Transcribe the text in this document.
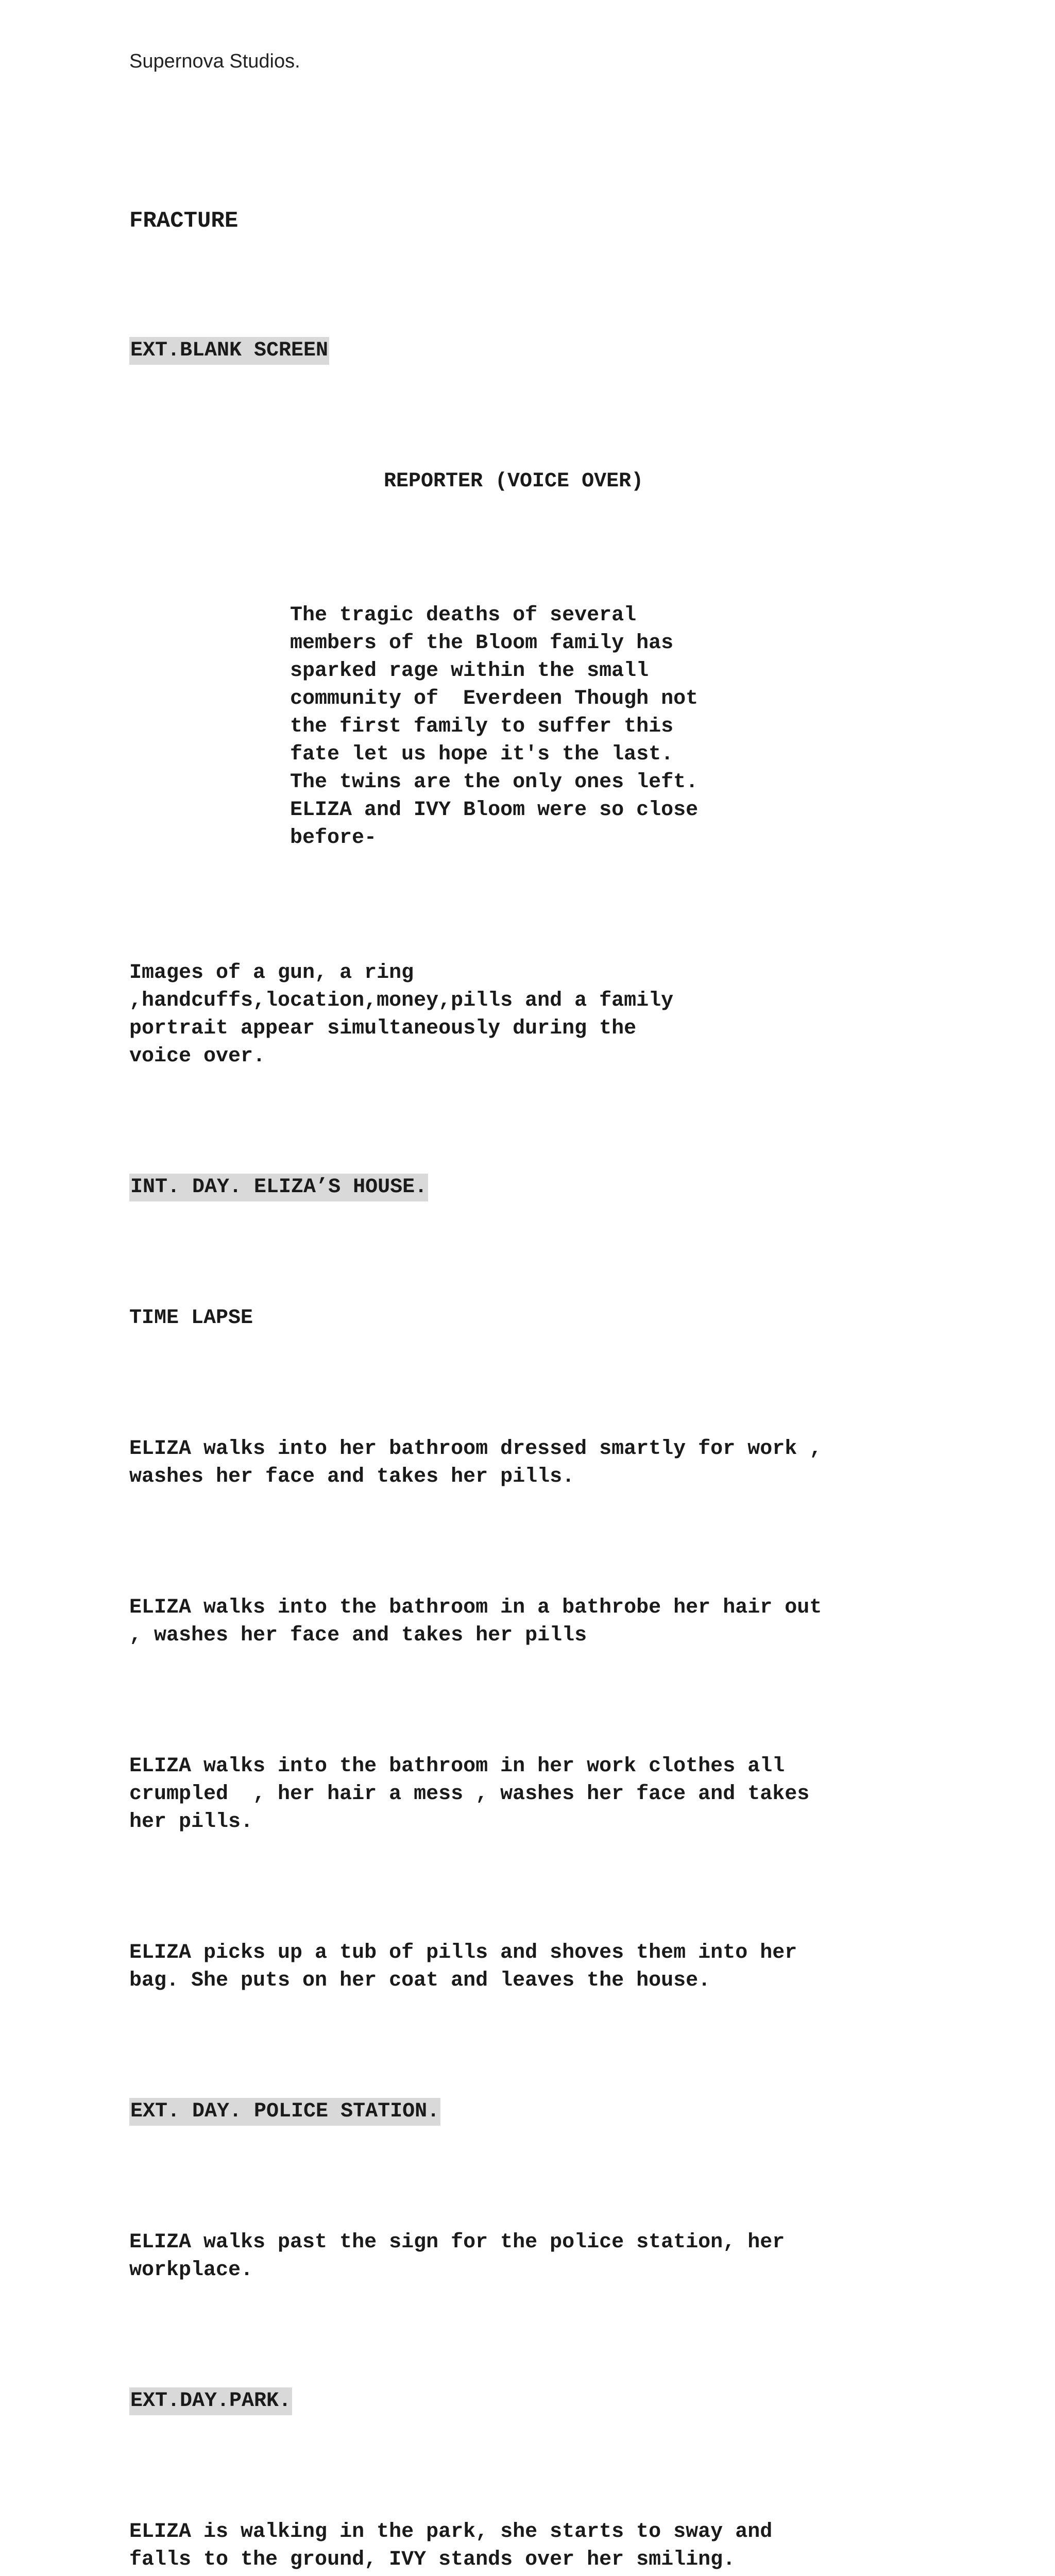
Supernova Studios.

FRACTURE

EXT.BLANK SCREEN

REPORTER (VOICE OVER)

The tragic deaths of several
members of the Bloom family has
sparked rage within the small
community of  Everdeen Though not
the first family to suffer this
fate let us hope it's the last.
The twins are the only ones left.
ELIZA and IVY Bloom were so close
before-

Images of a gun, a ring
,handcuffs,location,money,pills and a family
portrait appear simultaneously during the
voice over.

INT. DAY. ELIZA’S HOUSE.

TIME LAPSE

ELIZA walks into her bathroom dressed smartly for work ,
washes her face and takes her pills.

ELIZA walks into the bathroom in a bathrobe her hair out
, washes her face and takes her pills

ELIZA walks into the bathroom in her work clothes all
crumpled  , her hair a mess , washes her face and takes
her pills.

ELIZA picks up a tub of pills and shoves them into her
bag. She puts on her coat and leaves the house.

EXT. DAY. POLICE STATION.

ELIZA walks past the sign for the police station, her
workplace.

EXT.DAY.PARK.

ELIZA is walking in the park, she starts to sway and
falls to the ground, IVY stands over her smiling.
